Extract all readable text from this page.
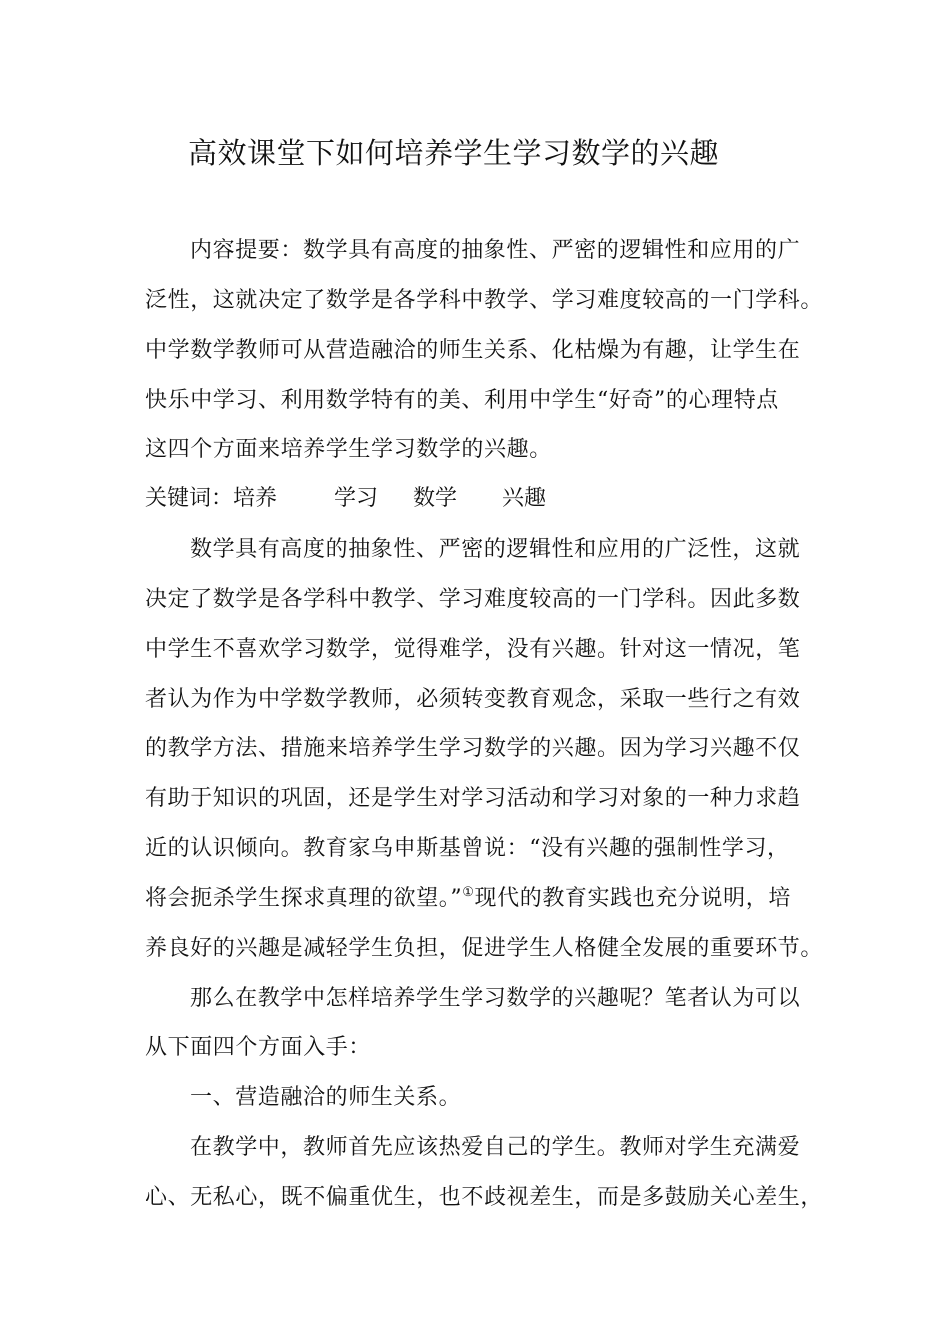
高效课堂下如何培养学生学习数学的兴趣
内容提要：数学具有高度的抽象性、严密的逻辑性和应用的广
泛性，这就决定了数学是各学科中教学、学习难度较高的一门学科。
中学数学教师可从营造融洽的师生关系、化枯燥为有趣，让学生在
快乐中学习、利用数学特有的美、利用中学生“好奇”的心理特点
这四个方面来培养学生学习数学的兴趣。
关键词： 培养	学习 数学 兴趣
数学具有高度的抽象性、严密的逻辑性和应用的广泛性，这就
决定了数学是各学科中教学、学习难度较高的一门学科。因此多数
中学生不喜欢学习数学，觉得难学，没有兴趣。针对这一情况，笔
者认为作为中学数学教师，必须转变教育观念，采取一些行之有效
的教学方法、措施来培养学生学习数学的兴趣。因为学习兴趣不仅
有助于知识的巩固，还是学生对学习活动和学习对象的一种力求趋
近的认识倾向。教育家乌申斯基曾说：“没有兴趣的强制性学习，
将会扼杀学生探求真理的欲望。”①现代的教育实践也充分说明，培
养良好的兴趣是减轻学生负担，促进学生人格健全发展的重要环节。
那么在教学中怎样培养学生学习数学的兴趣呢？笔者认为可以
从下面四个方面入手：
一、营造融洽的师生关系。
在教学中，教师首先应该热爱自己的学生。教师对学生充满爱
心、无私心，既不偏重优生，也不歧视差生，而是多鼓励关心差生，
